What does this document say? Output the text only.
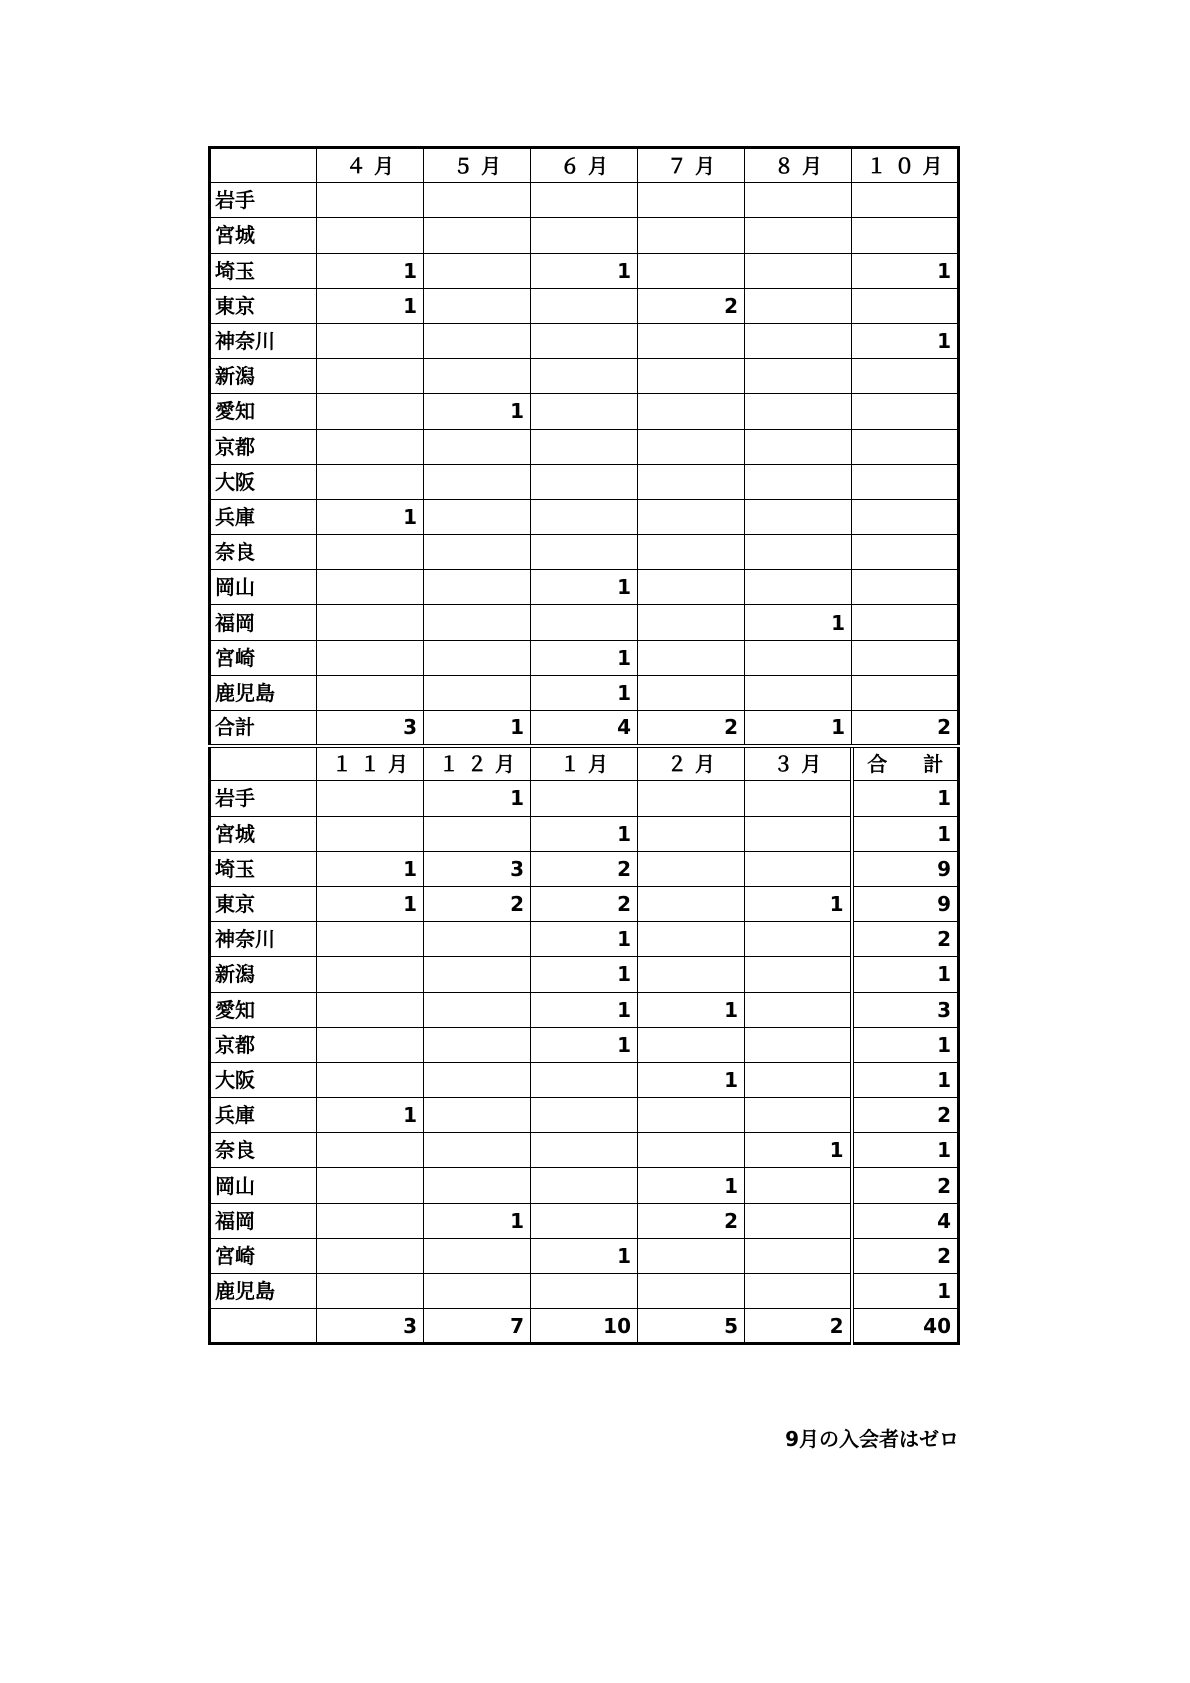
	４月	５月	６月	７月	８月	１０月
岩手						
宮城						
埼玉	1		1			1
東京	1			2		
神奈川						1
新潟						
愛知		1				
京都						
大阪						
兵庫	1					
奈良						
岡山			1			
福岡					1	
宮崎			1			
鹿児島			1			
合計	3	1	4	2	1	2
	１１月	１２月	１月	２月	３月	合　計
岩手		1				1
宮城			1			1
埼玉	1	3	2			9
東京	1	2	2		1	9
神奈川			1			2
新潟			1			1
愛知			1	1		3
京都			1			1
大阪				1		1
兵庫	1					2
奈良					1	1
岡山				1		2
福岡		1		2		4
宮崎			1			2
鹿児島						1
	3	7	10	5	2	40
9月の入会者はゼロ
